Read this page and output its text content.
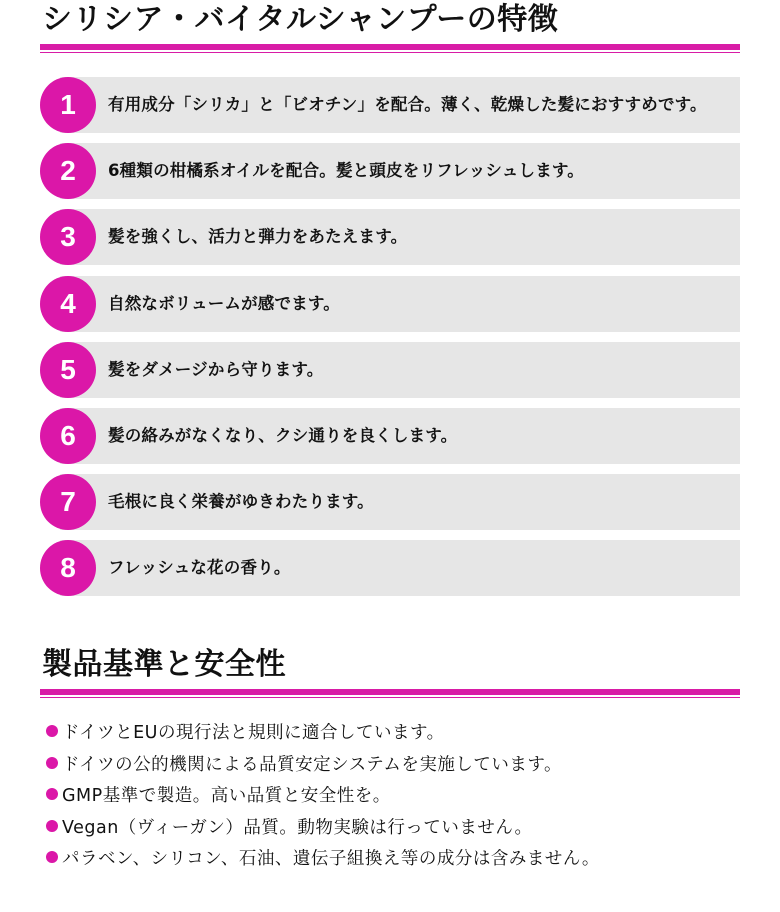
シリシア・バイタルシャンプーの特徴
1	有用成分「シリカ」と「ビオチン」を配合。薄く、乾燥した髪におすすめです。
2	6種類の柑橘系オイルを配合。髪と頭皮をリフレッシュします。
3	髪を強くし、活力と弾力をあたえます。
4	自然なボリュームが感でます。
5	髪をダメージから守ります。
6	髪の絡みがなくなり、クシ通りを良くします。
7	毛根に良く栄養がゆきわたります。
8	フレッシュな花の香り。
製品基準と安全性
ドイツとEUの現行法と規則に適合しています。
ドイツの公的機関による品質安定システムを実施しています。
GMP基準で製造。高い品質と安全性を。
Vegan（ヴィーガン）品質。動物実験は行っていません。
パラベン、シリコン、石油、遺伝子組換え等の成分は含みません。
